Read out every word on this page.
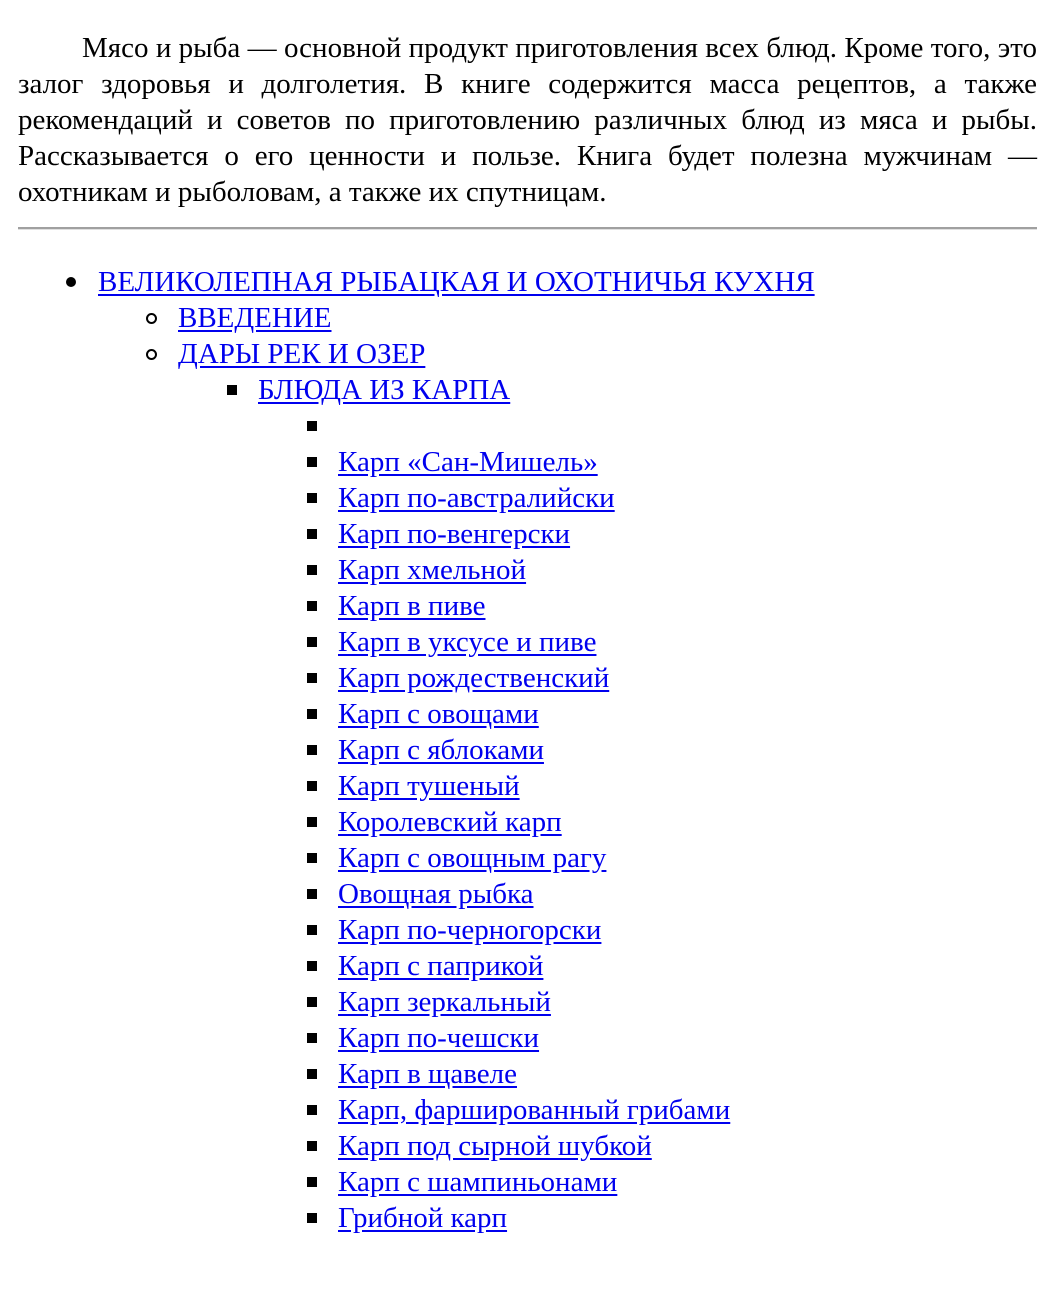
Мясо и рыба — основной продукт приготовления всех блюд. Кроме того, это залог здоровья и долголетия. В книге содержится масса рецептов, а также рекомендаций и советов по приготовлению различных блюд из мяса и рыбы. Рассказывается о его ценности и пользе. Книга будет полезна мужчинам — охотникам и рыболовам, а также их спутницам.

ВЕЛИКОЛЕПНАЯ РЫБАЦКАЯ И ОХОТНИЧЬЯ КУХНЯ
ВВЕДЕНИЕ
ДАРЫ РЕК И ОЗЕР
БЛЮДА ИЗ КАРПА
Карп «Сан-Мишель»
Карп по-австралийски
Карп по-венгерски
Карп хмельной
Карп в пиве
Карп в уксусе и пиве
Карп рождественский
Карп с овощами
Карп с яблоками
Карп тушеный
Королевский карп
Карп с овощным рагу
Овощная рыбка
Карп по-черногорски
Карп с паприкой
Карп зеркальный
Карп по-чешски
Карп в щавеле
Карп, фаршированный грибами
Карп под сырной шубкой
Карп с шампиньонами
Грибной карп
